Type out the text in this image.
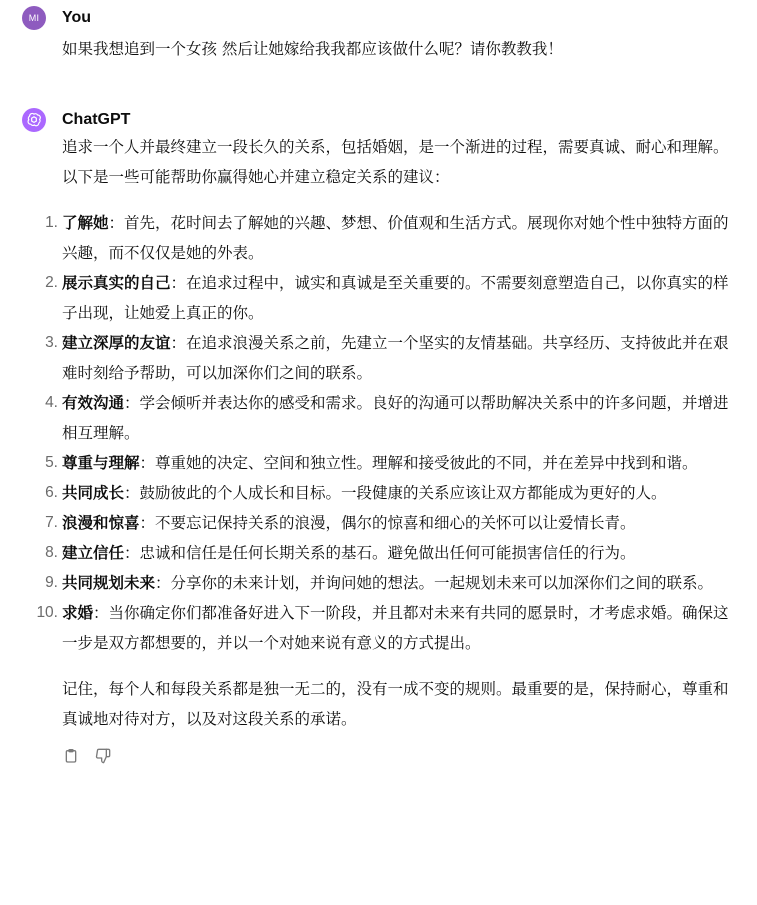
MI You
如果我想追到一个女孩 然后让她嫁给我我都应该做什么呢？请你教教我！
ChatGPT

追求一个人并最终建立一段长久的关系，包括婚姻，是一个渐进的过程，需要真诚、耐心和理解。以下是一些可能帮助你赢得她心并建立稳定关系的建议：

1. 了解她：首先，花时间去了解她的兴趣、梦想、价值观和生活方式。展现你对她个性中独特方面的兴趣，而不仅仅是她的外表。
2. 展示真实的自己：在追求过程中，诚实和真诚是至关重要的。不需要刻意塑造自己，以你真实的样子出现，让她爱上真正的你。
3. 建立深厚的友谊：在追求浪漫关系之前，先建立一个坚实的友情基础。共享经历、支持彼此并在艰难时刻给予帮助，可以加深你们之间的联系。
4. 有效沟通：学会倾听并表达你的感受和需求。良好的沟通可以帮助解决关系中的许多问题，并增进相互理解。
5. 尊重与理解：尊重她的决定、空间和独立性。理解和接受彼此的不同，并在差异中找到和谐。
6. 共同成长：鼓励彼此的个人成长和目标。一段健康的关系应该让双方都能成为更好的人。
7. 浪漫和惊喜：不要忘记保持关系的浪漫，偶尔的惊喜和细心的关怀可以让爱情长青。
8. 建立信任：忠诚和信任是任何长期关系的基石。避免做出任何可能损害信任的行为。
9. 共同规划未来：分享你的未来计划，并询问她的想法。一起规划未来可以加深你们之间的联系。
10. 求婚：当你确定你们都准备好进入下一阶段，并且都对未来有共同的愿景时，才考虑求婚。确保这一步是双方都想要的，并以一个对她来说有意义的方式提出。

记住，每个人和每段关系都是独一无二的，没有一成不变的规则。最重要的是，保持耐心，尊重和真诚地对待对方，以及对这段关系的承诺。
